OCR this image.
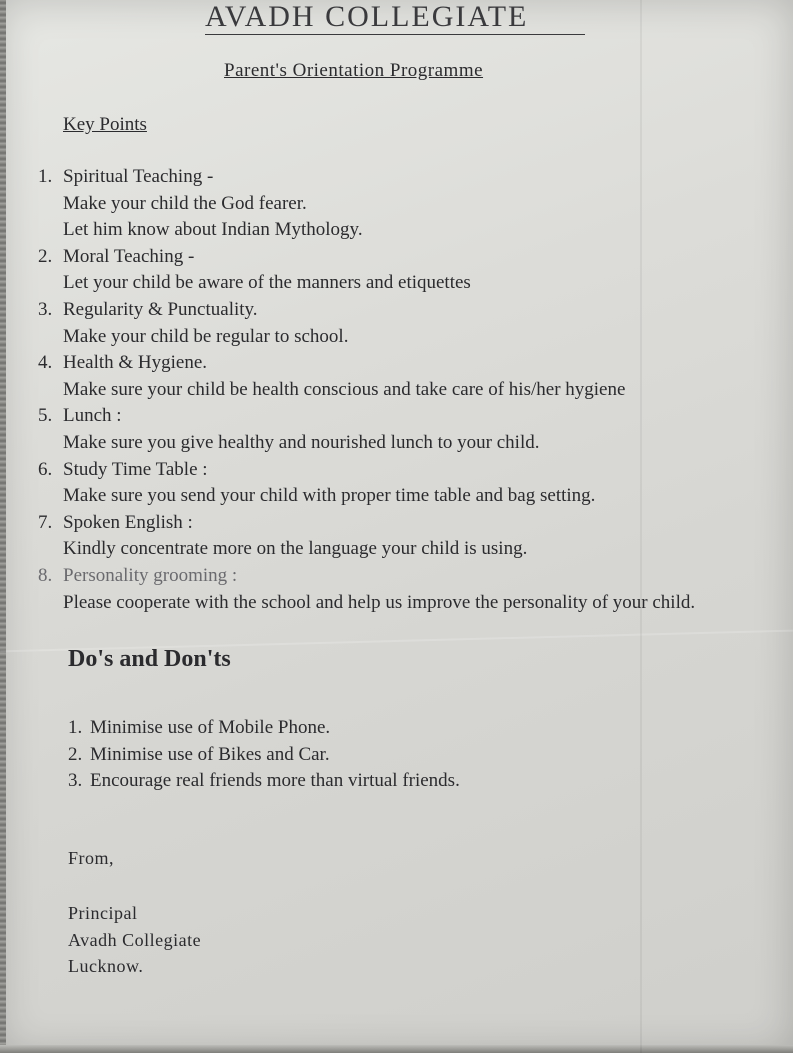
AVADH COLLEGIATE
Parent's Orientation Programme
Key Points
1. Spiritual Teaching -
Make your child the God fearer.
Let him know about Indian Mythology.
2. Moral Teaching -
Let your child be aware of the manners and etiquettes
3. Regularity & Punctuality.
Make your child be regular to school.
4. Health & Hygiene.
Make sure your child be health conscious and take care of his/her hygiene
5. Lunch :
Make sure you give healthy and nourished lunch to your child.
6. Study Time Table :
Make sure you send your child with proper time table and bag setting.
7. Spoken English :
Kindly concentrate more on the language your child is using.
8. Personality grooming :
Please cooperate with the school and help us improve the personality of your child.
Do's and Don'ts
1. Minimise use of Mobile Phone.
2. Minimise use of Bikes and Car.
3. Encourage real friends more than virtual friends.
From,
Principal
Avadh Collegiate
Lucknow.
